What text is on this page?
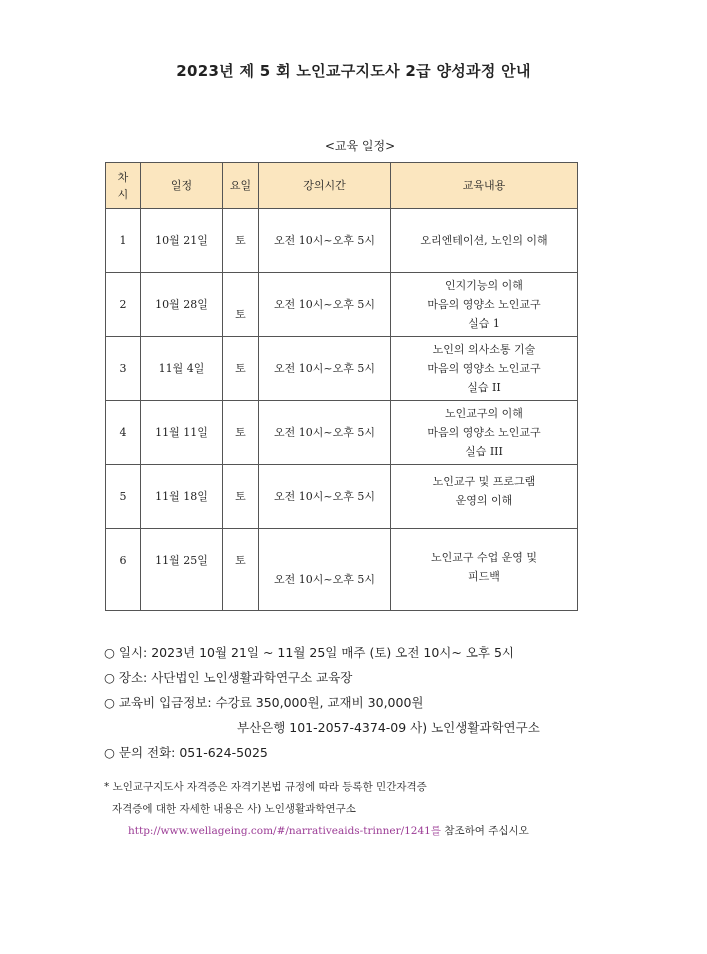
2023년 제 5 회 노인교구지도사 2급 양성과정 안내
<교육 일정>
차
시	일정	요일	강의시간	교육내용
1	10월 21일	토	오전 10시~오후 5시	오리엔테이션, 노인의 이해
2	10월 28일	토	오전 10시~오후 5시	인지기능의 이해
마음의 영양소 노인교구
실습 1
3	11월 4일	토	오전 10시~오후 5시	노인의 의사소통 기술
마음의 영양소 노인교구
실습 II
4	11월 11일	토	오전 10시~오후 5시	노인교구의 이해
마음의 영양소 노인교구
실습 III
5	11월 18일	토	오전 10시~오후 5시	노인교구 및 프로그램
운영의 이해
6	11월 25일	토	오전 10시~오후 5시	노인교구 수업 운영 및
피드백
○ 일시: 2023년 10월 21일 ~ 11월 25일 매주 (토) 오전 10시~ 오후 5시
○ 장소: 사단법인 노인생활과학연구소 교육장
○ 교육비 입금정보: 수강료 350,000원, 교재비 30,000원
부산은행 101-2057-4374-09 사) 노인생활과학연구소
○ 문의 전화: 051-624-5025
* 노인교구지도사 자격증은 자격기본법 규정에 따라 등록한 민간자격증
자격증에 대한 자세한 내용은 사) 노인생활과학연구소
http://www.wellageing.com/#/narrativeaids-trinner/1241를 참조하여 주십시오
